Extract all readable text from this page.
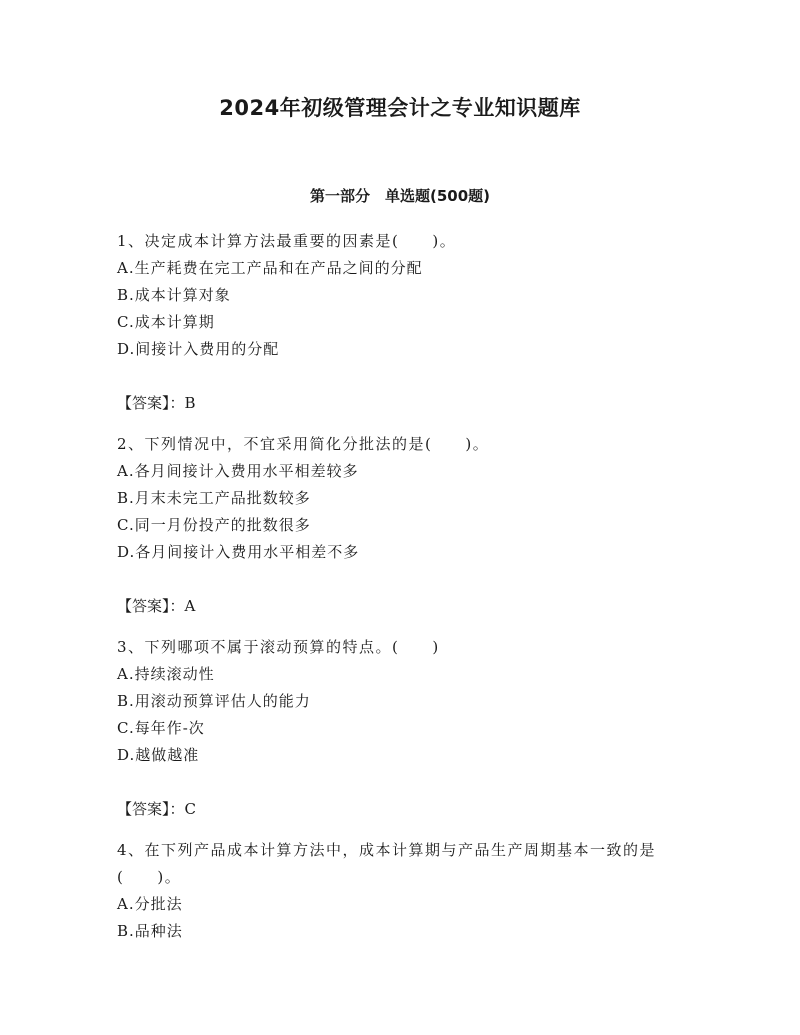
2024年初级管理会计之专业知识题库
第一部分　单选题(500题)
1、决定成本计算方法最重要的因素是(　　)。
A.生产耗费在完工产品和在产品之间的分配
B.成本计算对象
C.成本计算期
D.间接计入费用的分配
【答案】：B
2、下列情况中，不宜采用简化分批法的是(　　)。
A.各月间接计入费用水平相差较多
B.月末未完工产品批数较多
C.同一月份投产的批数很多
D.各月间接计入费用水平相差不多
【答案】：A
3、下列哪项不属于滚动预算的特点。(　　)
A.持续滚动性
B.用滚动预算评估人的能力
C.每年作-次
D.越做越准
【答案】：C
4、在下列产品成本计算方法中，成本计算期与产品生产周期基本一致的是(　　)。
A.分批法
B.品种法
